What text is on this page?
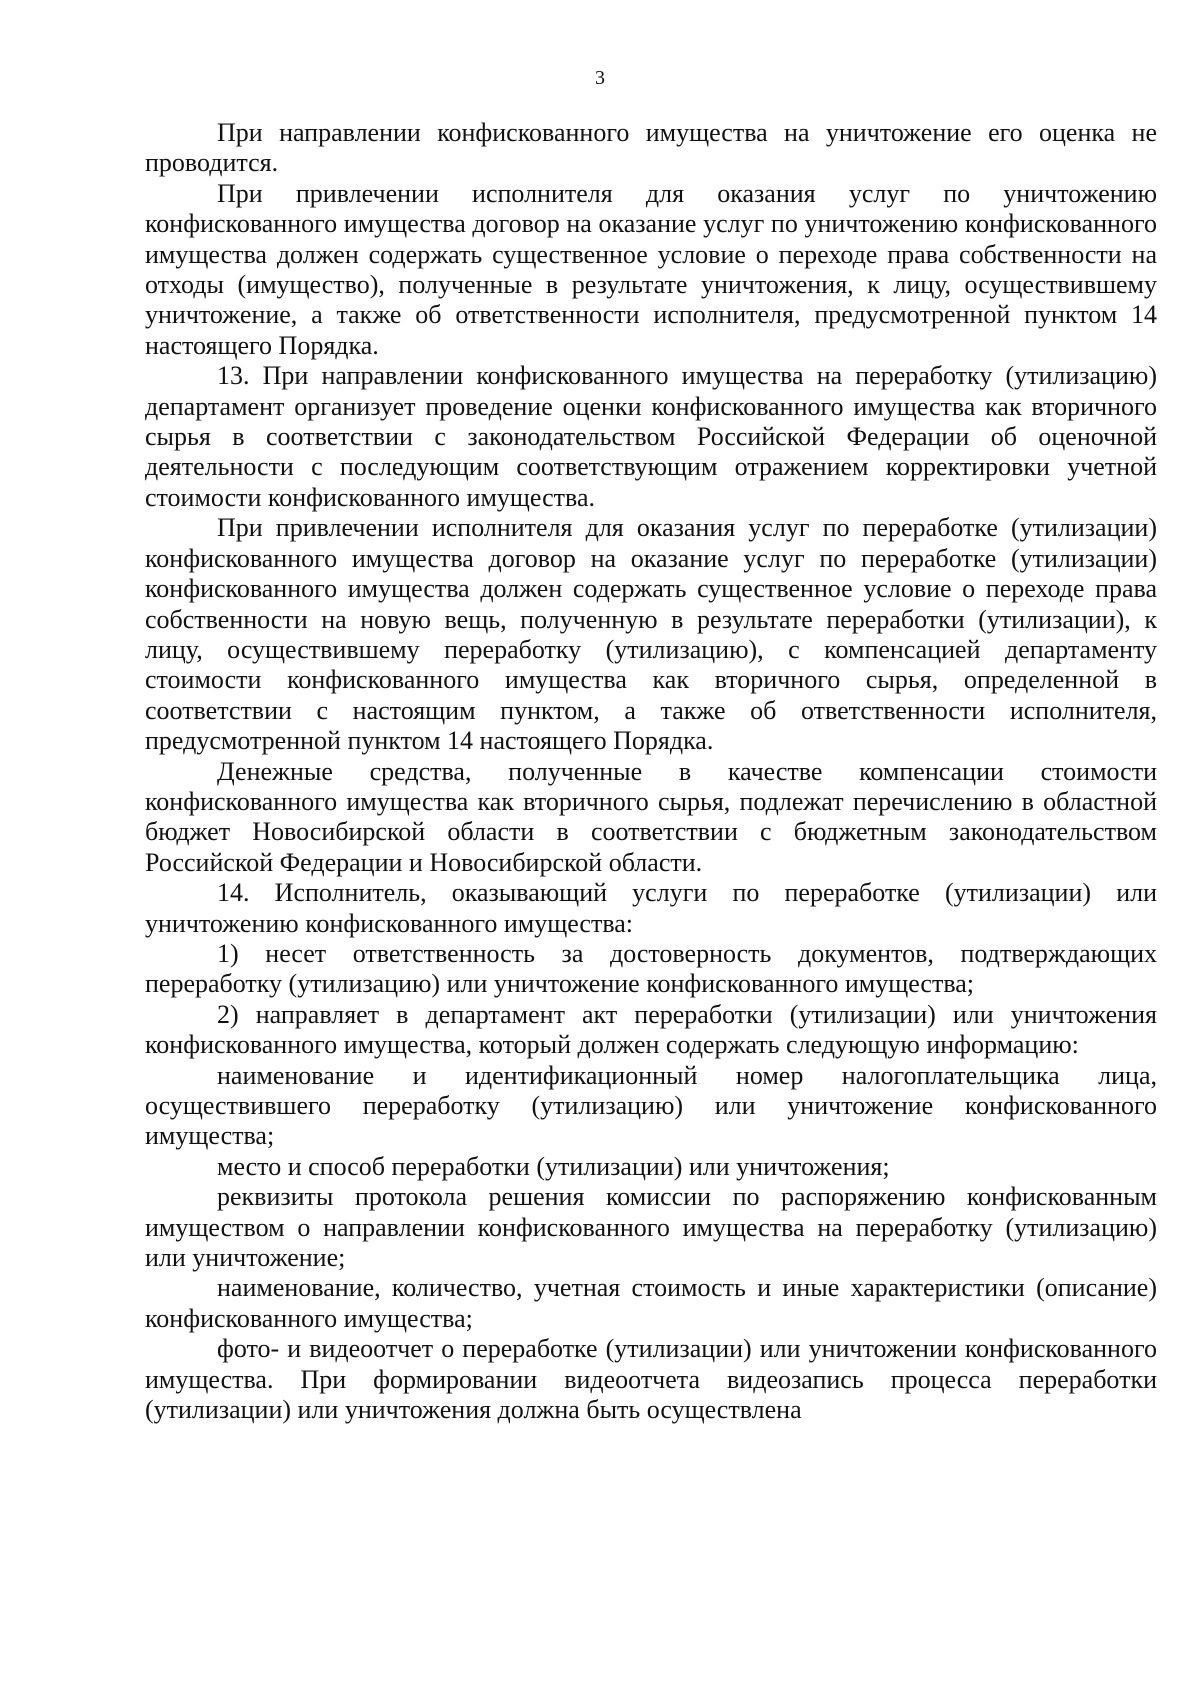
3

При направлении конфискованного имущества на уничтожение его оценка не проводится.

При привлечении исполнителя для оказания услуг по уничтожению конфискованного имущества договор на оказание услуг по уничтожению конфискованного имущества должен содержать существенное условие о переходе права собственности на отходы (имущество), полученные в результате уничтожения, к лицу, осуществившему уничтожение, а также об ответственности исполнителя, предусмотренной пунктом 14 настоящего Порядка.

13. При направлении конфискованного имущества на переработку (утилизацию) департамент организует проведение оценки конфискованного имущества как вторичного сырья в соответствии с законодательством Российской Федерации об оценочной деятельности с последующим соответствующим отражением корректировки учетной стоимости конфискованного имущества.

При привлечении исполнителя для оказания услуг по переработке (утилизации) конфискованного имущества договор на оказание услуг по переработке (утилизации) конфискованного имущества должен содержать существенное условие о переходе права собственности на новую вещь, полученную в результате переработки (утилизации), к лицу, осуществившему переработку (утилизацию), с компенсацией департаменту стоимости конфискованного имущества как вторичного сырья, определенной в соответствии с настоящим пунктом, а также об ответственности исполнителя, предусмотренной пунктом 14 настоящего Порядка.

Денежные средства, полученные в качестве компенсации стоимости конфискованного имущества как вторичного сырья, подлежат перечислению в областной бюджет Новосибирской области в соответствии с бюджетным законодательством Российской Федерации и Новосибирской области.

14. Исполнитель, оказывающий услуги по переработке (утилизации) или уничтожению конфискованного имущества:

1) несет ответственность за достоверность документов, подтверждающих переработку (утилизацию) или уничтожение конфискованного имущества;

2) направляет в департамент акт переработки (утилизации) или уничтожения конфискованного имущества, который должен содержать следующую информацию:

наименование и идентификационный номер налогоплательщика лица, осуществившего переработку (утилизацию) или уничтожение конфискованного имущества;

место и способ переработки (утилизации) или уничтожения;

реквизиты протокола решения комиссии по распоряжению конфискованным имуществом о направлении конфискованного имущества на переработку (утилизацию) или уничтожение;

наименование, количество, учетная стоимость и иные характеристики (описание) конфискованного имущества;

фото- и видеоотчет о переработке (утилизации) или уничтожении конфискованного имущества. При формировании видеоотчета видеозапись процесса переработки (утилизации) или уничтожения должна быть осуществлена
